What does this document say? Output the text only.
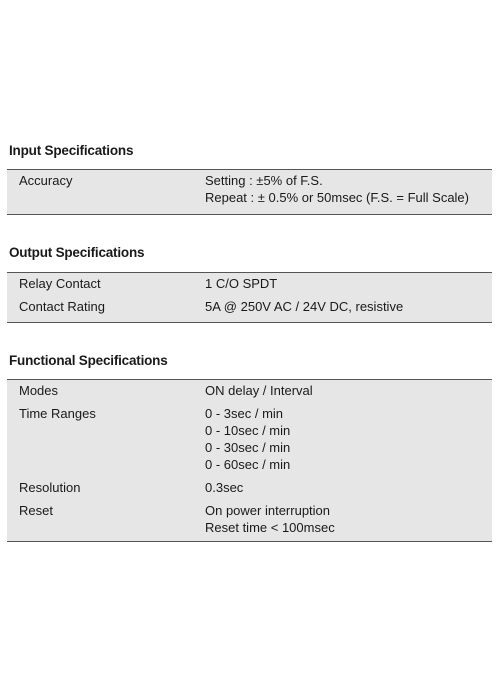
Input Specifications
Accuracy	Setting : ±5% of F.S.
Repeat : ± 0.5% or 50msec (F.S. = Full Scale)
Output Specifications
Relay Contact	1 C/O SPDT
Contact Rating	5A @ 250V AC / 24V DC, resistive
Functional Specifications
Modes	ON delay / Interval
Time Ranges	0 - 3sec / min
0 - 10sec / min
0 - 30sec / min
0 - 60sec / min
Resolution	0.3sec
Reset	On power interruption
Reset time < 100msec
